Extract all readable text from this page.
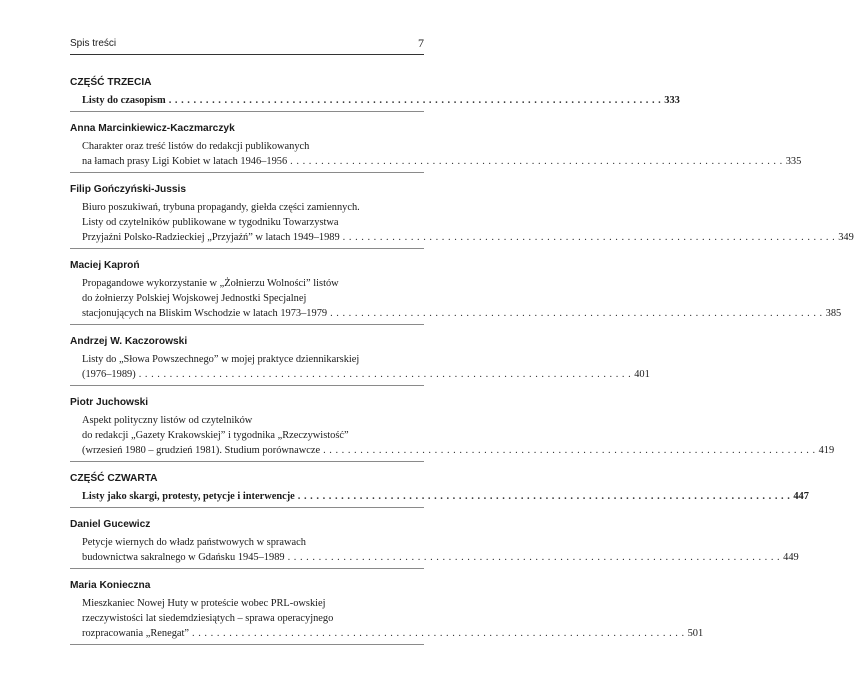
Spis treści	7
CZĘŚĆ TRZECIA
Listy do czasopism . . . . . . . . . . . . . . . . . . . . . . . . . . . . . . . . . . . . . . . . . . . . . . . . . . . . . . . . . . . . . . . . . . . . . . . . . . . . . . . . 333
Anna Marcinkiewicz-Kaczmarczyk
Charakter oraz treść listów do redakcji publikowanych
na łamach prasy Ligi Kobiet w latach 1946–1956 . . . . . . . . . . . . . . . . . . . . . . . . . . . . . . . . . . . . . . . . . . . . . . . . . . . . . . . . . . . . . . . . . . . . . . . . . . . . . . . . 335
Filip Gończyński-Jussis
Biuro poszukiwań, trybuna propagandy, giełda części zamiennych.
Listy od czytelników publikowane w tygodniku Towarzystwa
Przyjaźni Polsko-Radzieckiej „Przyjaźń” w latach 1949–1989 . . . . . . . . . . . . . . . . . . . . . . . . . . . . . . . . . . . . . . . . . . . . . . . . . . . . . . . . . . . . . . . . . . . . . . . . . . . . . . . . 349
Maciej Kaproń
Propagandowe wykorzystanie w „Żołnierzu Wolności” listów
do żołnierzy Polskiej Wojskowej Jednostki Specjalnej
stacjonujących na Bliskim Wschodzie w latach 1973–1979 . . . . . . . . . . . . . . . . . . . . . . . . . . . . . . . . . . . . . . . . . . . . . . . . . . . . . . . . . . . . . . . . . . . . . . . . . . . . . . . . 385
Andrzej W. Kaczorowski
Listy do „Słowa Powszechnego” w mojej praktyce dziennikarskiej
(1976–1989) . . . . . . . . . . . . . . . . . . . . . . . . . . . . . . . . . . . . . . . . . . . . . . . . . . . . . . . . . . . . . . . . . . . . . . . . . . . . . . . . 401
Piotr Juchowski
Aspekt polityczny listów od czytelników
do redakcji „Gazety Krakowskiej” i tygodnika „Rzeczywistość”
(wrzesień 1980 – grudzień 1981). Studium porównawcze . . . . . . . . . . . . . . . . . . . . . . . . . . . . . . . . . . . . . . . . . . . . . . . . . . . . . . . . . . . . . . . . . . . . . . . . . . . . . . . . 419
CZĘŚĆ CZWARTA
Listy jako skargi, protesty, petycje i interwencje . . . . . . . . . . . . . . . . . . . . . . . . . . . . . . . . . . . . . . . . . . . . . . . . . . . . . . . . . . . . . . . . . . . . . . . . . . . . . . . . 447
Daniel Gucewicz
Petycje wiernych do władz państwowych w sprawach
budownictwa sakralnego w Gdańsku 1945–1989 . . . . . . . . . . . . . . . . . . . . . . . . . . . . . . . . . . . . . . . . . . . . . . . . . . . . . . . . . . . . . . . . . . . . . . . . . . . . . . . . 449
Maria Konieczna
Mieszkaniec Nowej Huty w proteście wobec PRL-owskiej
rzeczywistości lat siedemdziesiątych – sprawa operacyjnego
rozpracowania „Renegat” . . . . . . . . . . . . . . . . . . . . . . . . . . . . . . . . . . . . . . . . . . . . . . . . . . . . . . . . . . . . . . . . . . . . . . . . . . . . . . . . 501
